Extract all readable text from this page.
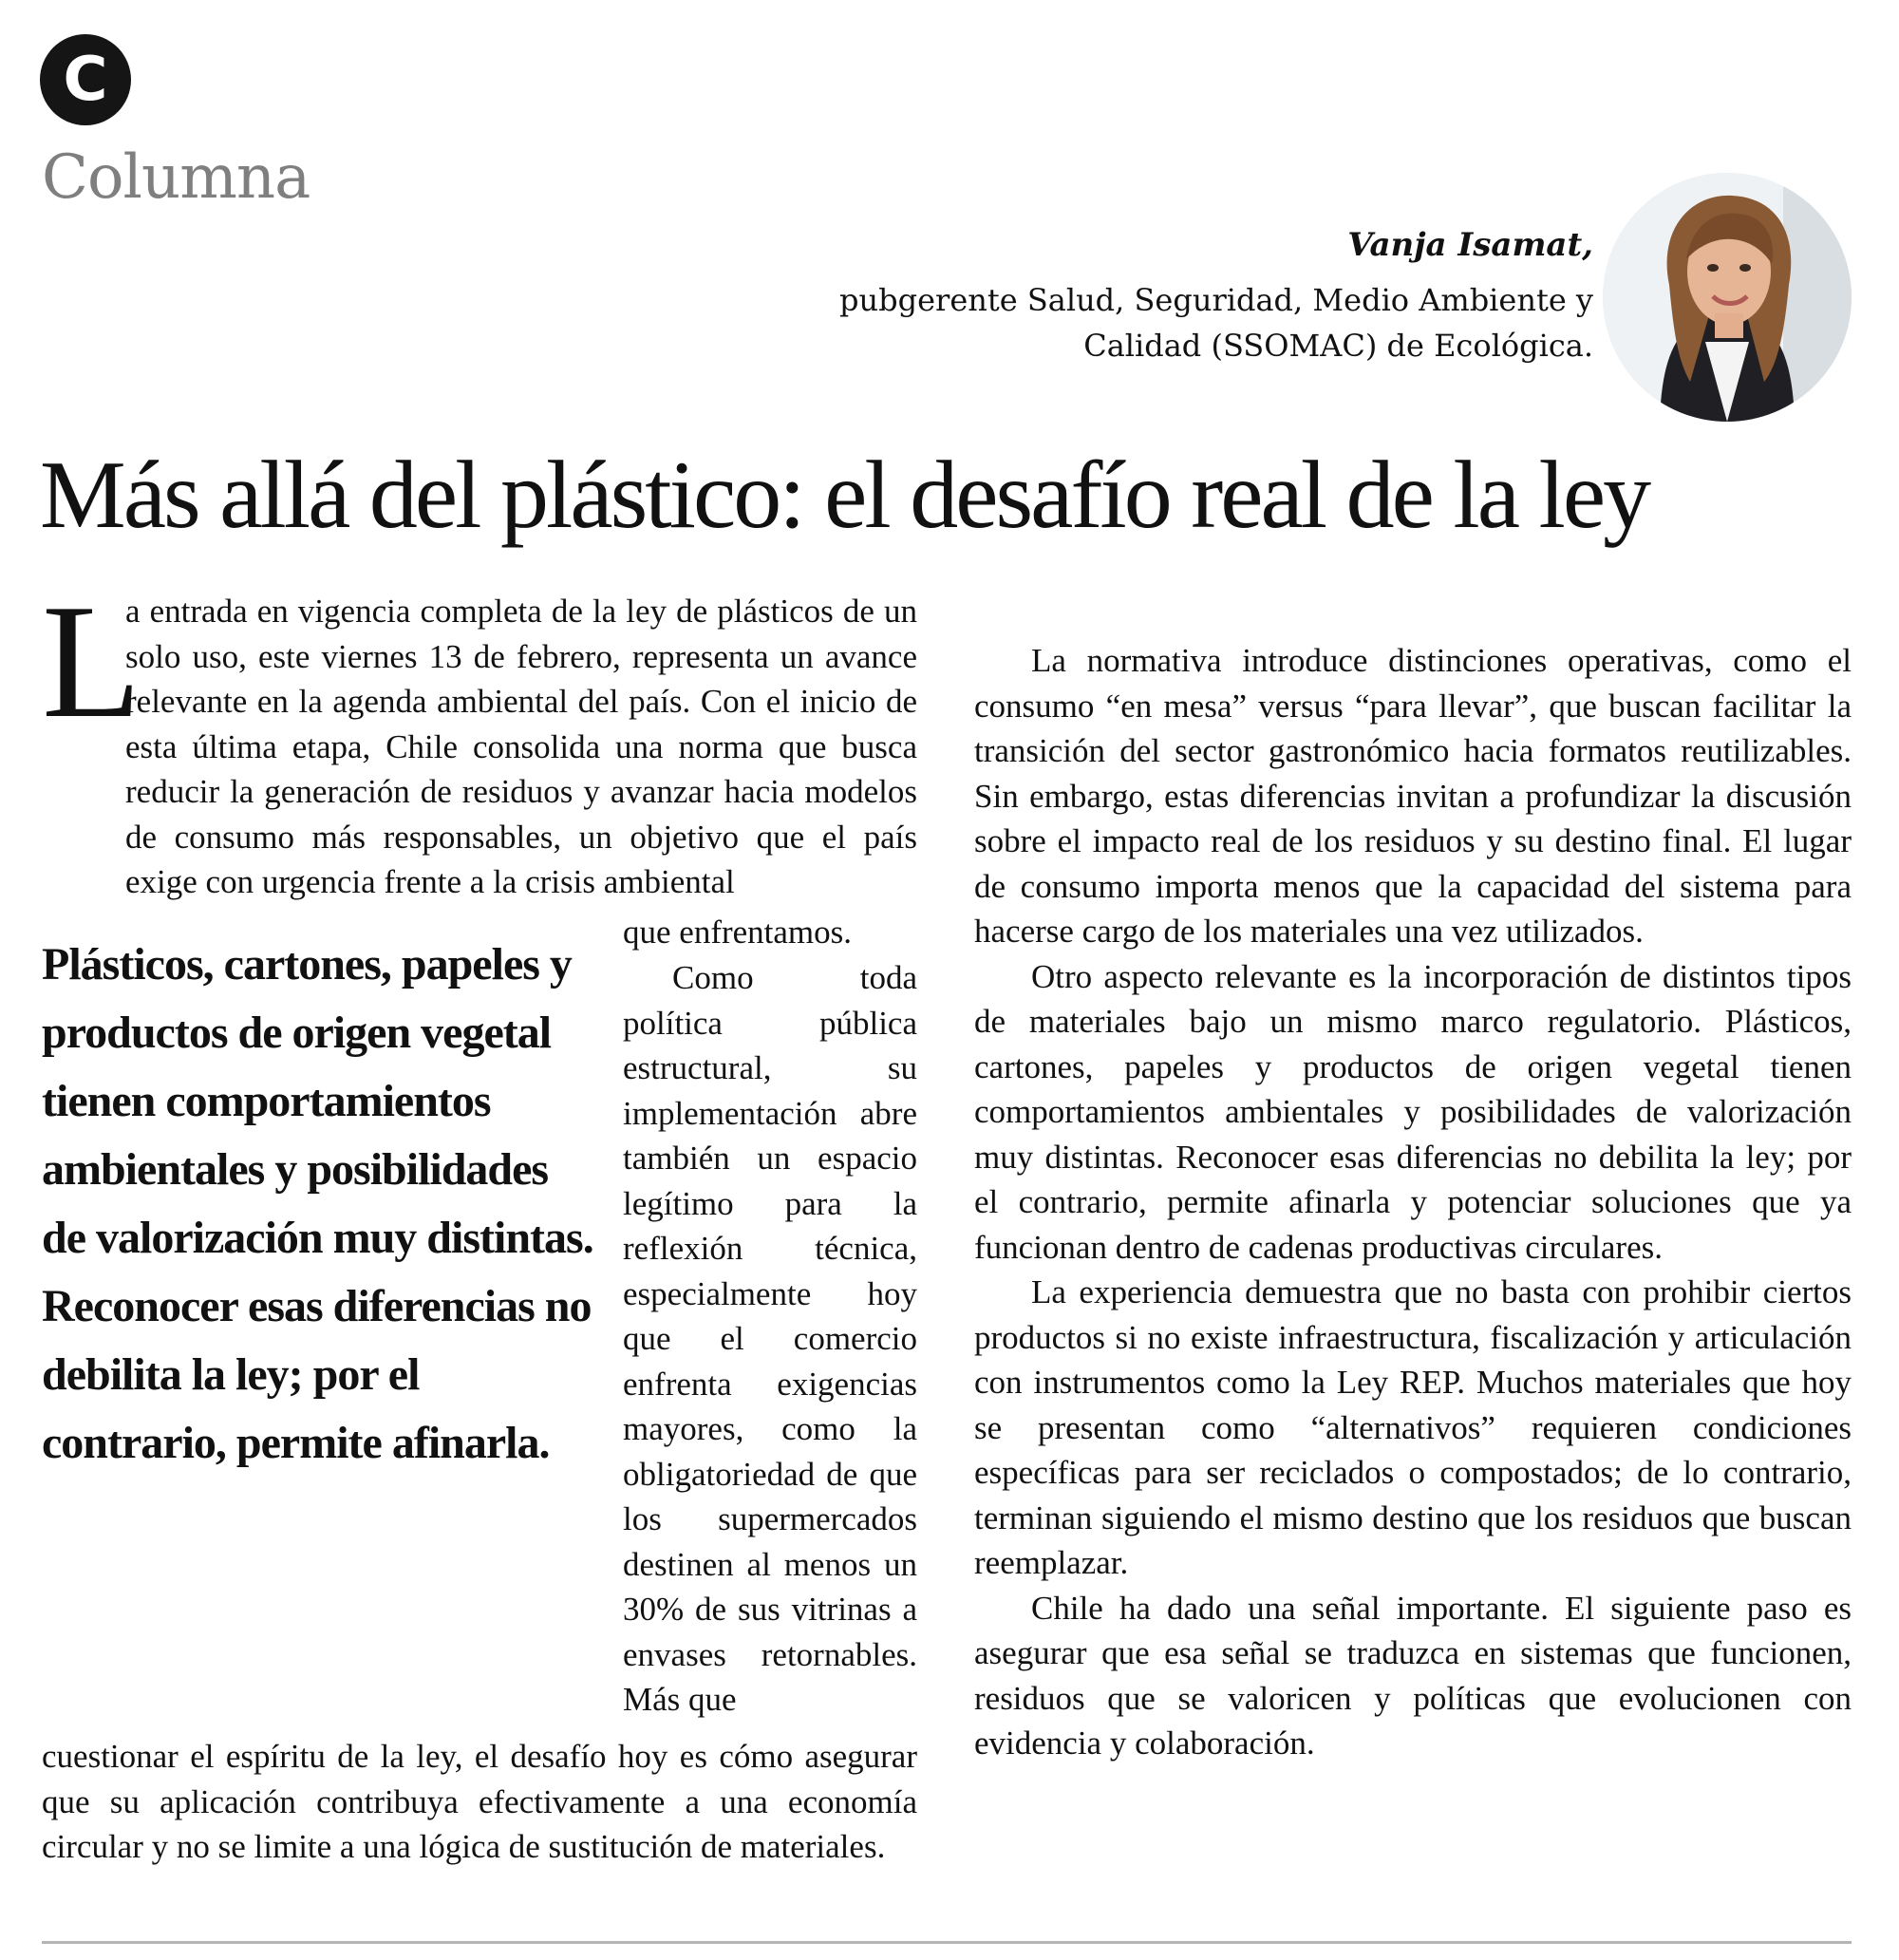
C
Columna
Vanja Isamat,
pubgerente Salud, Seguridad, Medio Ambiente y Calidad (SSOMAC) de Ecológica.
Más allá del plástico: el desafío real de la ley
L

a entrada en vigencia completa de la ley de plásticos de un solo uso, este viernes 13 de febrero, representa un avance relevante en la agenda ambiental del país. Con el inicio de esta última etapa, Chile consolida una norma que busca reducir la generación de residuos y avanzar hacia modelos de consumo más responsables, un objetivo que el país exige con urgencia frente a la crisis ambiental

que enfrentamos.

Plásticos, cartones, papeles y productos de origen vegetal tienen comportamientos ambientales y posibilidades de valorización muy distintas. Reconocer esas diferencias no debilita la ley; por el contrario, permite afinarla.

Como toda política pública estructural, su implementación abre también un espacio legítimo para la reflexión técnica, especialmente hoy que el comercio enfrenta exigencias mayores, como la obligatoriedad de que los supermercados destinen al menos un 30% de sus vitrinas a envases retornables. Más que

cuestionar el espíritu de la ley, el desafío hoy es cómo asegurar que su aplicación contribuya efectivamente a una economía circular y no se limite a una lógica de sustitución de materiales.

La normativa introduce distinciones operativas, como el consumo “en mesa” versus “para llevar”, que buscan facilitar la transición del sector gastronómico hacia formatos reutilizables. Sin embargo, estas diferencias invitan a profundizar la discusión sobre el impacto real de los residuos y su destino final. El lugar de consumo importa menos que la capacidad del sistema para hacerse cargo de los materiales una vez utilizados.

Otro aspecto relevante es la incorporación de distintos tipos de materiales bajo un mismo marco regulatorio. Plásticos, cartones, papeles y productos de origen vegetal tienen comportamientos ambientales y posibilidades de valorización muy distintas. Reconocer esas diferencias no debilita la ley; por el contrario, permite afinarla y potenciar soluciones que ya funcionan dentro de cadenas productivas circulares.

La experiencia demuestra que no basta con prohibir ciertos productos si no existe infraestructura, fiscalización y articulación con instrumentos como la Ley REP. Muchos materiales que hoy se presentan como “alternativos” requieren condiciones específicas para ser reciclados o compostados; de lo contrario, terminan siguiendo el mismo destino que los residuos que buscan reemplazar.

Chile ha dado una señal importante. El siguiente paso es asegurar que esa señal se traduzca en sistemas que funcionen, residuos que se valoricen y políticas que evolucionen con evidencia y colaboración.
